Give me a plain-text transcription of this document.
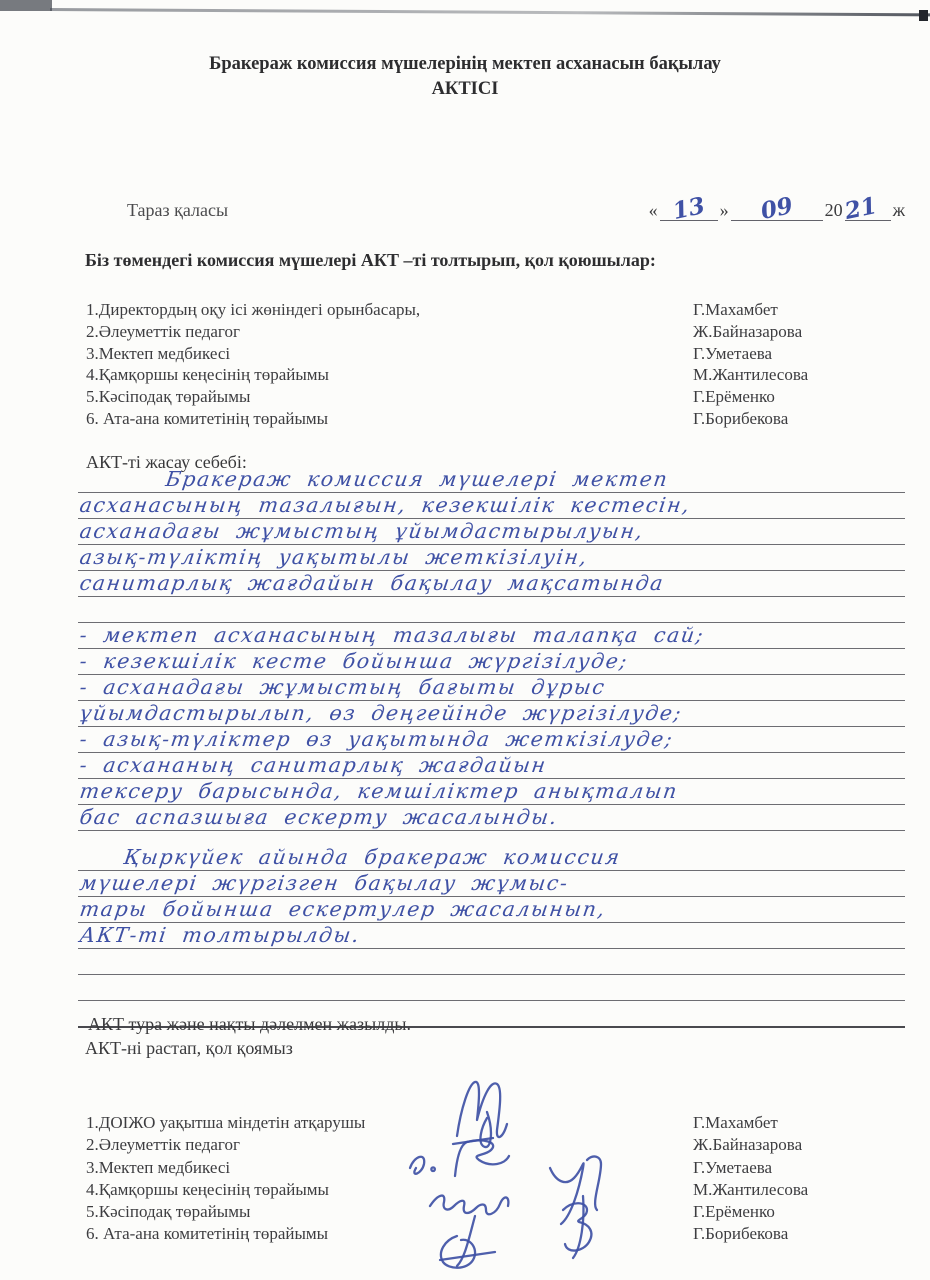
Бракераж комиссия мүшелерінің мектеп асханасын бақылау
АКТІСІ
Тараз қаласы	« 13 »	09	20 21 ж
Біз төмендегі комиссия мүшелері АКТ –ті толтырып, қол қоюшылар:
1.Директордың оқу ісі жөніндегі орынбасары,	Г.Махамбет
2.Әлеуметтік педагог	Ж.Байназарова
3.Мектеп медбикесі	Г.Уметаева
4.Қамқоршы кеңесінің төрайымы	М.Жантилесова
5.Кәсіподақ төрайымы	Г.Ерёменко
6. Ата-ана комитетінің төрайымы	Г.Борибекова
АКТ-ті жасау себебі:
Бракераж комиссия мүшелері мектеп
асханасының тазалығын, кезекшілік кестесін,
асханадағы жұмыстың ұйымдастырылуын,
азық-түліктің уақытылы жеткізілуін,
санитарлық жағдайын бақылау мақсатында
- мектеп асханасының тазалығы талапқа сай;
- кезекшілік кесте бойынша жүргізілуде;
- асханадағы жұмыстың бағыты дұрыс
ұйымдастырылып, өз деңгейінде жүргізілуде;
- азық-түліктер өз уақытында жеткізілуде;
- асхананың санитарлық жағдайын
тексеру барысында, кемшіліктер анықталып
бас аспазшыға ескерту жасалынды.
Қыркүйек айында бракераж комиссия
мүшелері жүргізген бақылау жұмыс-
тары бойынша ескертулер жасалынып,
АКТ-ті толтырылды.
АКТ тура және нақты дәлелмен жазылды.
АКТ-ні растап, қол қоямыз
1.ДОІЖО уақытша міндетін атқарушы	Г.Махамбет
2.Әлеуметтік педагог	Ж.Байназарова
3.Мектеп медбикесі	Г.Уметаева
4.Қамқоршы кеңесінің төрайымы	М.Жантилесова
5.Кәсіподақ төрайымы	Г.Ерёменко
6. Ата-ана комитетінің төрайымы	Г.Борибекова
